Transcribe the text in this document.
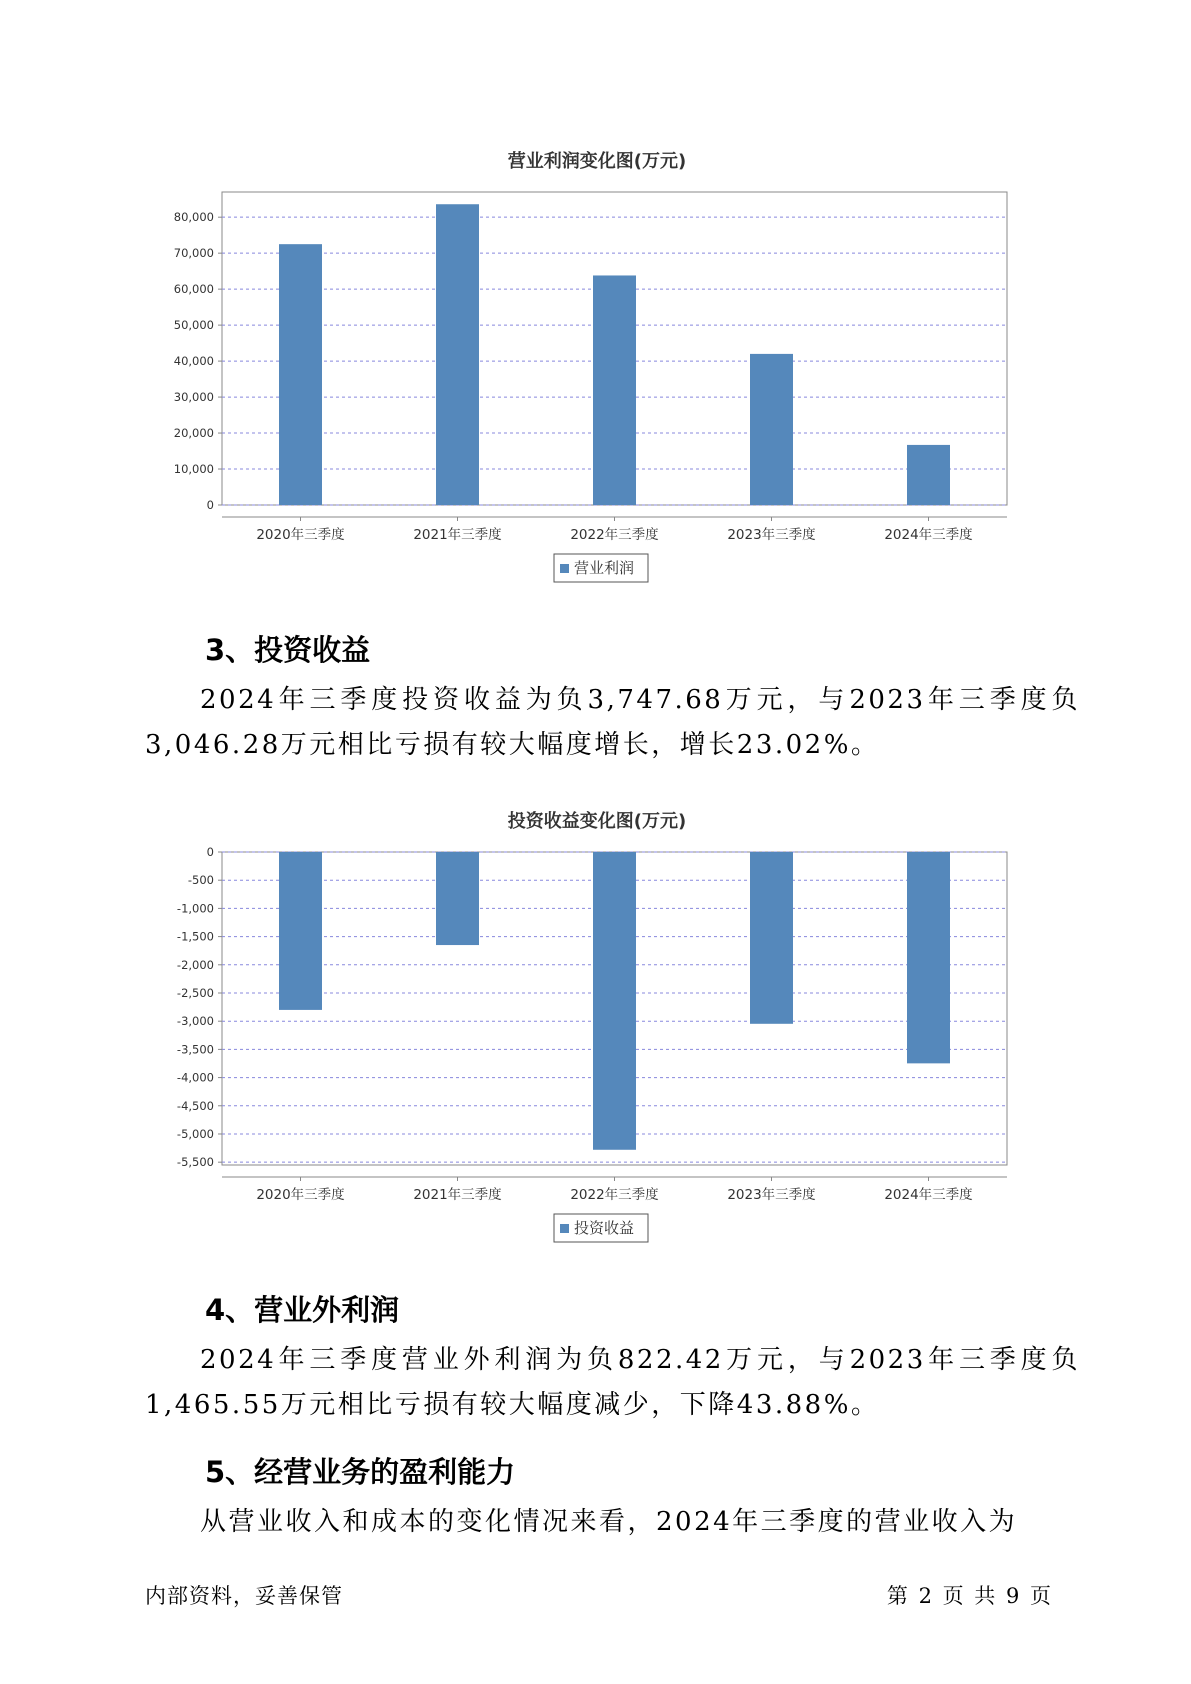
营业利润变化图(万元)
0
10,000
20,000
30,000
40,000
50,000
60,000
70,000
80,000
2020年三季度	2021年三季度	2022年三季度	2023年三季度	2024年三季度
营业利润
3、投资收益
2024年三季度投资收益为负3,747.68万元，与2023年三季度负3,046.28万元相比亏损有较大幅度增长，增长23.02%。
投资收益变化图(万元)
0
-500
-1,000
-1,500
-2,000
-2,500
-3,000
-3,500
-4,000
-4,500
-5,000
-5,500
2020年三季度	2021年三季度	2022年三季度	2023年三季度	2024年三季度
投资收益
4、营业外利润
2024年三季度营业外利润为负822.42万元，与2023年三季度负1,465.55万元相比亏损有较大幅度减少，下降43.88%。
5、经营业务的盈利能力
从营业收入和成本的变化情况来看，2024年三季度的营业收入为
内部资料，妥善保管	第 2 页 共 9 页
